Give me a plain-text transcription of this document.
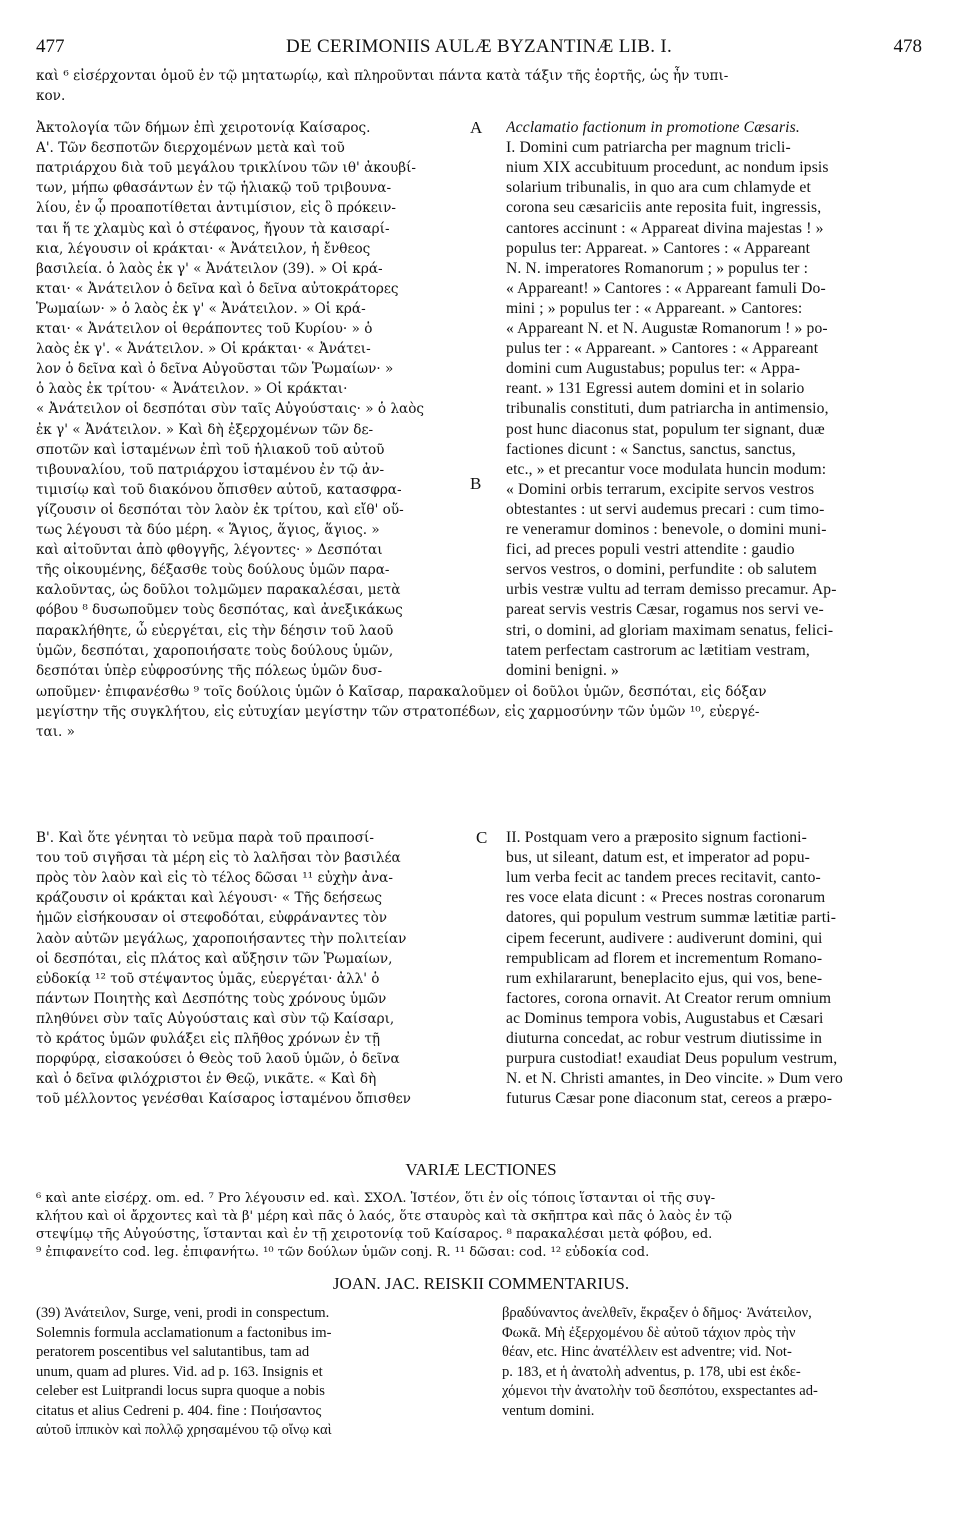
477	DE CERIMONIIS AULÆ BYZANTINÆ LIB. I.	478
καὶ ⁶ εἰσέρχονται ὁμοῦ ἐν τῷ μητατωρίῳ, καὶ πληροῦνται πάντα κατὰ τάξιν τῆς ἑορτῆς, ὡς ἦν τυπι-
κον.
Ἀκτολογία τῶν δήμων ἐπὶ χειροτονίᾳ Καίσαρος.
Α'. Τῶν δεσποτῶν διερχομένων μετὰ καὶ τοῦ
πατριάρχου διὰ τοῦ μεγάλου τρικλίνου τῶν ιθ' ἀκουβί-
των, μήπω φθασάντων ἐν τῷ ἡλιακῷ τοῦ τριβουνα-
λίου, ἐν ᾧ προαποτίθεται ἀντιμίσιον, εἰς ὃ πρόκειν-
ται ἥ τε χλαμὺς καὶ ὁ στέφανος, ἤγουν τὰ καισαρί-
κια, λέγουσιν οἱ κράκται· « Ἀνάτειλον, ἡ ἔνθεος
βασιλεία. ὁ λαὸς ἐκ γ' « Ἀνάτειλον (39). » Οἱ κρά-
κται· « Ἀνάτειλον ὁ δεῖνα καὶ ὁ δεῖνα αὐτοκράτορες
Ῥωμαίων· » ὁ λαὸς ἐκ γ' « Ἀνάτειλον. » Οἱ κρά-
κται· « Ἀνάτειλον οἱ θεράποντες τοῦ Κυρίου· » ὁ
λαὸς ἐκ γ'. « Ἀνάτειλον. » Οἱ κράκται· « Ἀνάτει-
λον ὁ δεῖνα καὶ ὁ δεῖνα Αὐγοῦσται τῶν Ῥωμαίων· »
ὁ λαὸς ἐκ τρίτου· « Ἀνάτειλον. » Οἱ κράκται·
« Ἀνάτειλον οἱ δεσπόται σὺν ταῖς Αὐγούσταις· » ὁ λαὸς
ἐκ γ' « Ἀνάτειλον. » Καὶ δὴ ἐξερχομένων τῶν δε-
σποτῶν καὶ ἱσταμένων ἐπὶ τοῦ ἡλιακοῦ τοῦ αὐτοῦ
τιβουναλίου, τοῦ πατριάρχου ἱσταμένου ἐν τῷ ἀν-
τιμισίῳ καὶ τοῦ διακόνου ὄπισθεν αὐτοῦ, κατασφρα-
γίζουσιν οἱ δεσπόται τὸν λαὸν ἐκ τρίτου, καὶ εἴθ' οὕ-
τως λέγουσι τὰ δύο μέρη. « Ἅγιος, ἅγιος, ἅγιος. »
καὶ αἰτοῦνται ἀπὸ φθογγῆς, λέγοντες· » Δεσπόται
τῆς οἰκουμένης, δέξασθε τοὺς δούλους ὑμῶν παρα-
καλοῦντας, ὡς δοῦλοι τολμῶμεν παρακαλέσαι, μετὰ
φόβου ⁸ δυσωποῦμεν τοὺς δεσπότας, καὶ ἀνεξικάκως
παρακλήθητε, ὦ εὐεργέται, εἰς τὴν δέησιν τοῦ λαοῦ
ὑμῶν, δεσπόται, χαροποιήσατε τοὺς δούλους ὑμῶν,
δεσπόται ὑπὲρ εὐφροσύνης τῆς πόλεως ὑμῶν δυσ-
Acclamatio factionum in promotione Cæsaris.
I. Domini cum patriarcha per magnum tricli-
nium XIX accubituum procedunt, ac nondum ipsis
solarium tribunalis, in quo ara cum chlamyde et
corona seu cæsariciis ante reposita fuit, ingressis,
cantores accinunt : « Appareat divina majestas ! »
populus ter: Appareat. » Cantores : « Appareant
N. N. imperatores Romanorum ; » populus ter :
« Appareant! » Cantores : « Appareant famuli Do-
mini ; » populus ter : « Appareant. » Cantores:
« Appareant N. et N. Augustæ Romanorum ! » po-
pulus ter : « Appareant. » Cantores : « Appareant
domini cum Augustabus; populus ter: « Appa-
reant. » 131 Egressi autem domini et in solario
tribunalis constituti, dum patriarcha in antimensio,
post hunc diaconus stat, populum ter signant, duæ
factiones dicunt : « Sanctus, sanctus, sanctus,
etc., » et precantur voce modulata huncin modum:
« Domini orbis terrarum, excipite servos vestros
obtestantes : ut servi audemus precari : cum timo-
re veneramur dominos : benevole, o domini muni-
fici, ad preces populi vestri attendite : gaudio
servos vestros, o domini, perfundite : ob salutem
urbis vestræ vultu ad terram demisso precamur. Ap-
pareat servis vestris Cæsar, rogamus nos servi ve-
stri, o domini, ad gloriam maximam senatus, felici-
tatem perfectam castrorum ac lætitiam vestram,
domini benigni. »
ωποῦμεν· ἐπιφανέσθω ⁹ τοῖς δούλοις ὑμῶν ὁ Καῖσαρ, παρακαλοῦμεν οἱ δοῦλοι ὑμῶν, δεσπόται, εἰς δόξαν
μεγίστην τῆς συγκλήτου, εἰς εὐτυχίαν μεγίστην τῶν στρατοπέδων, εἰς χαρμοσύνην τῶν ὑμῶν ¹⁰, εὐεργέ-
ται. »
Β'. Καὶ ὅτε γένηται τὸ νεῦμα παρὰ τοῦ πραιποσί-
του τοῦ σιγῆσαι τὰ μέρη εἰς τὸ λαλῆσαι τὸν βασιλέα
πρὸς τὸν λαὸν καὶ εἰς τὸ τέλος δῶσαι ¹¹ εὐχὴν ἀνα-
κράζουσιν οἱ κράκται καὶ λέγουσι· « Τῆς δεήσεως
ἡμῶν εἰσήκουσαν οἱ στεφοδόται, εὐφράναντες τὸν
λαὸν αὐτῶν μεγάλως, χαροποιήσαντες τὴν πολιτείαν
οἱ δεσπόται, εἰς πλάτος καὶ αὔξησιν τῶν Ῥωμαίων,
εὐδοκίᾳ ¹² τοῦ στέψαντος ὑμᾶς, εὐεργέται· ἀλλ' ὁ
πάντων Ποιητὴς καὶ Δεσπότης τοὺς χρόνους ὑμῶν
πληθύνει σὺν ταῖς Αὐγούσταις καὶ σὺν τῷ Καίσαρι,
τὸ κράτος ὑμῶν φυλάξει εἰς πλῆθος χρόνων ἐν τῇ
πορφύρᾳ, εἰσακούσει ὁ Θεὸς τοῦ λαοῦ ὑμῶν, ὁ δεῖνα
καὶ ὁ δεῖνα φιλόχριστοι ἐν Θεῷ, νικᾶτε. « Καὶ δὴ
τοῦ μέλλοντος γενέσθαι Καίσαρος ἱσταμένου ὄπισθεν
II. Postquam vero a præposito signum factioni-
bus, ut sileant, datum est, et imperator ad popu-
lum verba fecit ac tandem preces recitavit, canto-
res voce elata dicunt : « Preces nostras coronarum
datores, qui populum vestrum summæ lætitiæ parti-
cipem fecerunt, audivere : audiverunt domini, qui
rempublicam ad florem et incrementum Romano-
rum exhilararunt, beneplacito ejus, qui vos, bene-
factores, corona ornavit. At Creator rerum omnium
ac Dominus tempora vobis, Augustabus et Cæsari
diuturna concedat, ac robur vestrum diutissime in
purpura custodiat! exaudiat Deus populum vestrum,
N. et N. Christi amantes, in Deo vincite. » Dum vero
futurus Cæsar pone diaconum stat, cereos a præpo-
A
B
C
VARIÆ LECTIONES
⁶ καὶ ante εἰσέρχ. om. ed. ⁷ Pro λέγουσιν ed. καὶ. ΣΧΟΛ. Ἰστέον, ὅτι ἐν οἷς τόποις ἵστανται οἱ τῆς συγ-
κλήτου καὶ οἱ ἄρχοντες καὶ τὰ β' μέρη καὶ πᾶς ὁ λαός, ὅτε σταυρὸς καὶ τὰ σκῆπτρα καὶ πᾶς ὁ λαὸς ἐν τῷ
στεψίμῳ τῆς Αὐγούστης, ἵστανται καὶ ἐν τῇ χειροτονίᾳ τοῦ Καίσαρος. ⁸ παρακαλέσαι μετὰ φόβου, ed.
⁹ ἐπιφανείτο cod. leg. ἐπιφανήτω. ¹⁰ τῶν δούλων ὑμῶν conj. R. ¹¹ δῶσαι: cod. ¹² εὐδοκία cod.
JOAN. JAC. REISKII COMMENTARIUS.
(39) Ἀνάτειλον, Surge, veni, prodi in conspectum.
Solemnis formula acclamationum a factonibus im-
peratorem poscentibus vel salutantibus, tam ad
unum, quam ad plures. Vid. ad p. 163. Insignis et
celeber est Luitprandi locus supra quoque a nobis
citatus et alius Cedreni p. 404. fine : Ποιήσαντος
αὐτοῦ ἱππικὸν καὶ πολλῷ χρησαμένου τῷ οἴνῳ καὶ
βραδύναντος ἀνελθεῖν, ἔκραξεν ὁ δῆμος· Ἀνάτειλον,
Φωκᾶ. Μὴ ἐξερχομένου δὲ αὐτοῦ τάχιον πρὸς τὴν
θέαν, etc. Hinc ἀνατέλλειν est adventre; vid. Not-
p. 183, et ἡ ἀνατολὴ adventus, p. 178, ubi est ἐκδε-
χόμενοι τὴν ἀνατολὴν τοῦ δεσπότου, exspectantes ad-
ventum domini.
